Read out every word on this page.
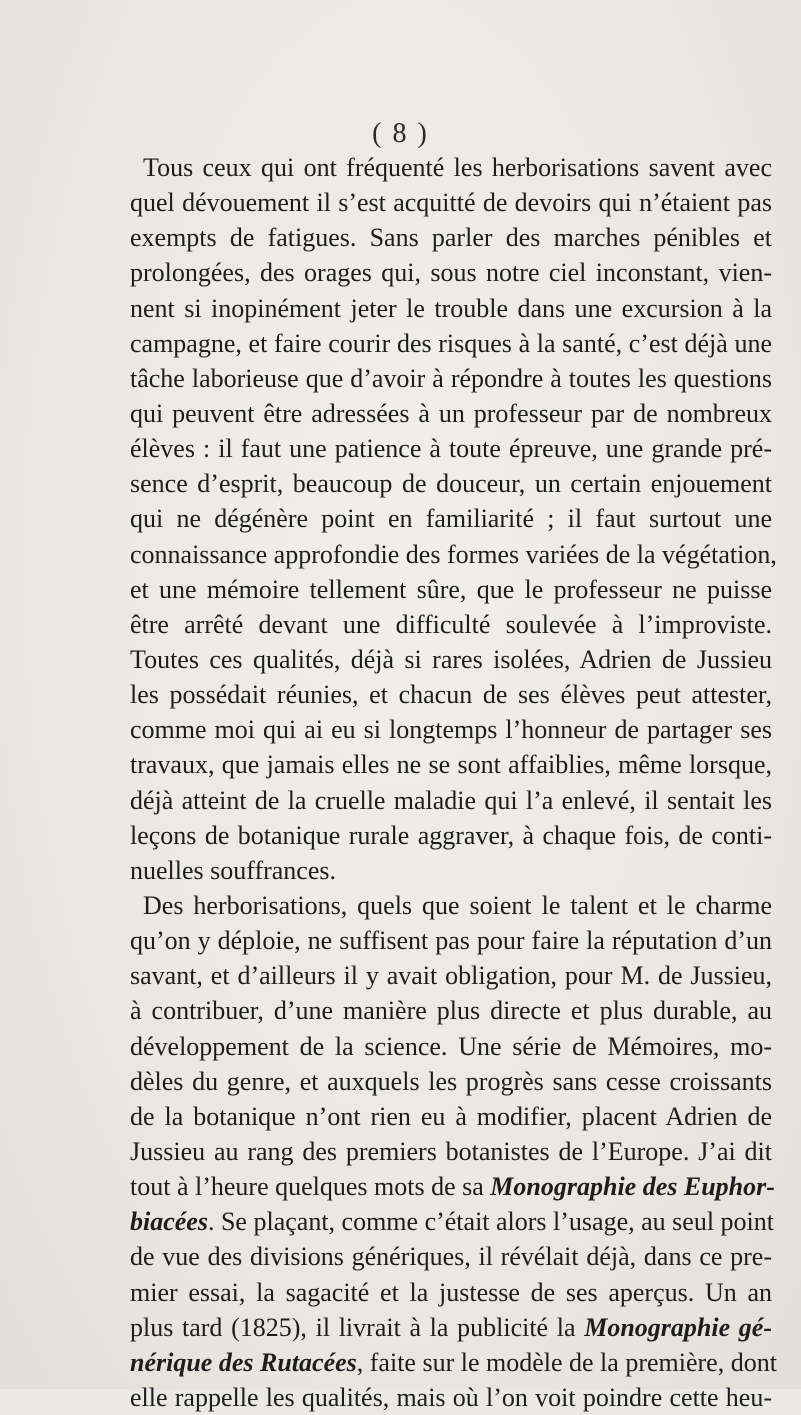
( 8 )
Tous ceux qui ont fréquenté les herborisations savent avec
quel dévouement il s’est acquitté de devoirs qui n’étaient pas
exempts de fatigues. Sans parler des marches pénibles et
prolongées, des orages qui, sous notre ciel inconstant, vien-
nent si inopinément jeter le trouble dans une excursion à la
campagne, et faire courir des risques à la santé, c’est déjà une
tâche laborieuse que d’avoir à répondre à toutes les questions
qui peuvent être adressées à un professeur par de nombreux
élèves : il faut une patience à toute épreuve, une grande pré-
sence d’esprit, beaucoup de douceur, un certain enjouement
qui ne dégénère point en familiarité ; il faut surtout une
connaissance approfondie des formes variées de la végétation,
et une mémoire tellement sûre, que le professeur ne puisse
être arrêté devant une difficulté soulevée à l’improviste.
Toutes ces qualités, déjà si rares isolées, Adrien de Jussieu
les possédait réunies, et chacun de ses élèves peut attester,
comme moi qui ai eu si longtemps l’honneur de partager ses
travaux, que jamais elles ne se sont affaiblies, même lorsque,
déjà atteint de la cruelle maladie qui l’a enlevé, il sentait les
leçons de botanique rurale aggraver, à chaque fois, de conti-
nuelles souffrances.
Des herborisations, quels que soient le talent et le charme
qu’on y déploie, ne suffisent pas pour faire la réputation d’un
savant, et d’ailleurs il y avait obligation, pour M. de Jussieu,
à contribuer, d’une manière plus directe et plus durable, au
développement de la science. Une série de Mémoires, mo-
dèles du genre, et auxquels les progrès sans cesse croissants
de la botanique n’ont rien eu à modifier, placent Adrien de
Jussieu au rang des premiers botanistes de l’Europe. J’ai dit
tout à l’heure quelques mots de sa Monographie des Euphor-
biacées. Se plaçant, comme c’était alors l’usage, au seul point
de vue des divisions génériques, il révélait déjà, dans ce pre-
mier essai, la sagacité et la justesse de ses aperçus. Un an
plus tard (1825), il livrait à la publicité la Monographie gé-
nérique des Rutacées, faite sur le modèle de la première, dont
elle rappelle les qualités, mais où l’on voit poindre cette heu-
